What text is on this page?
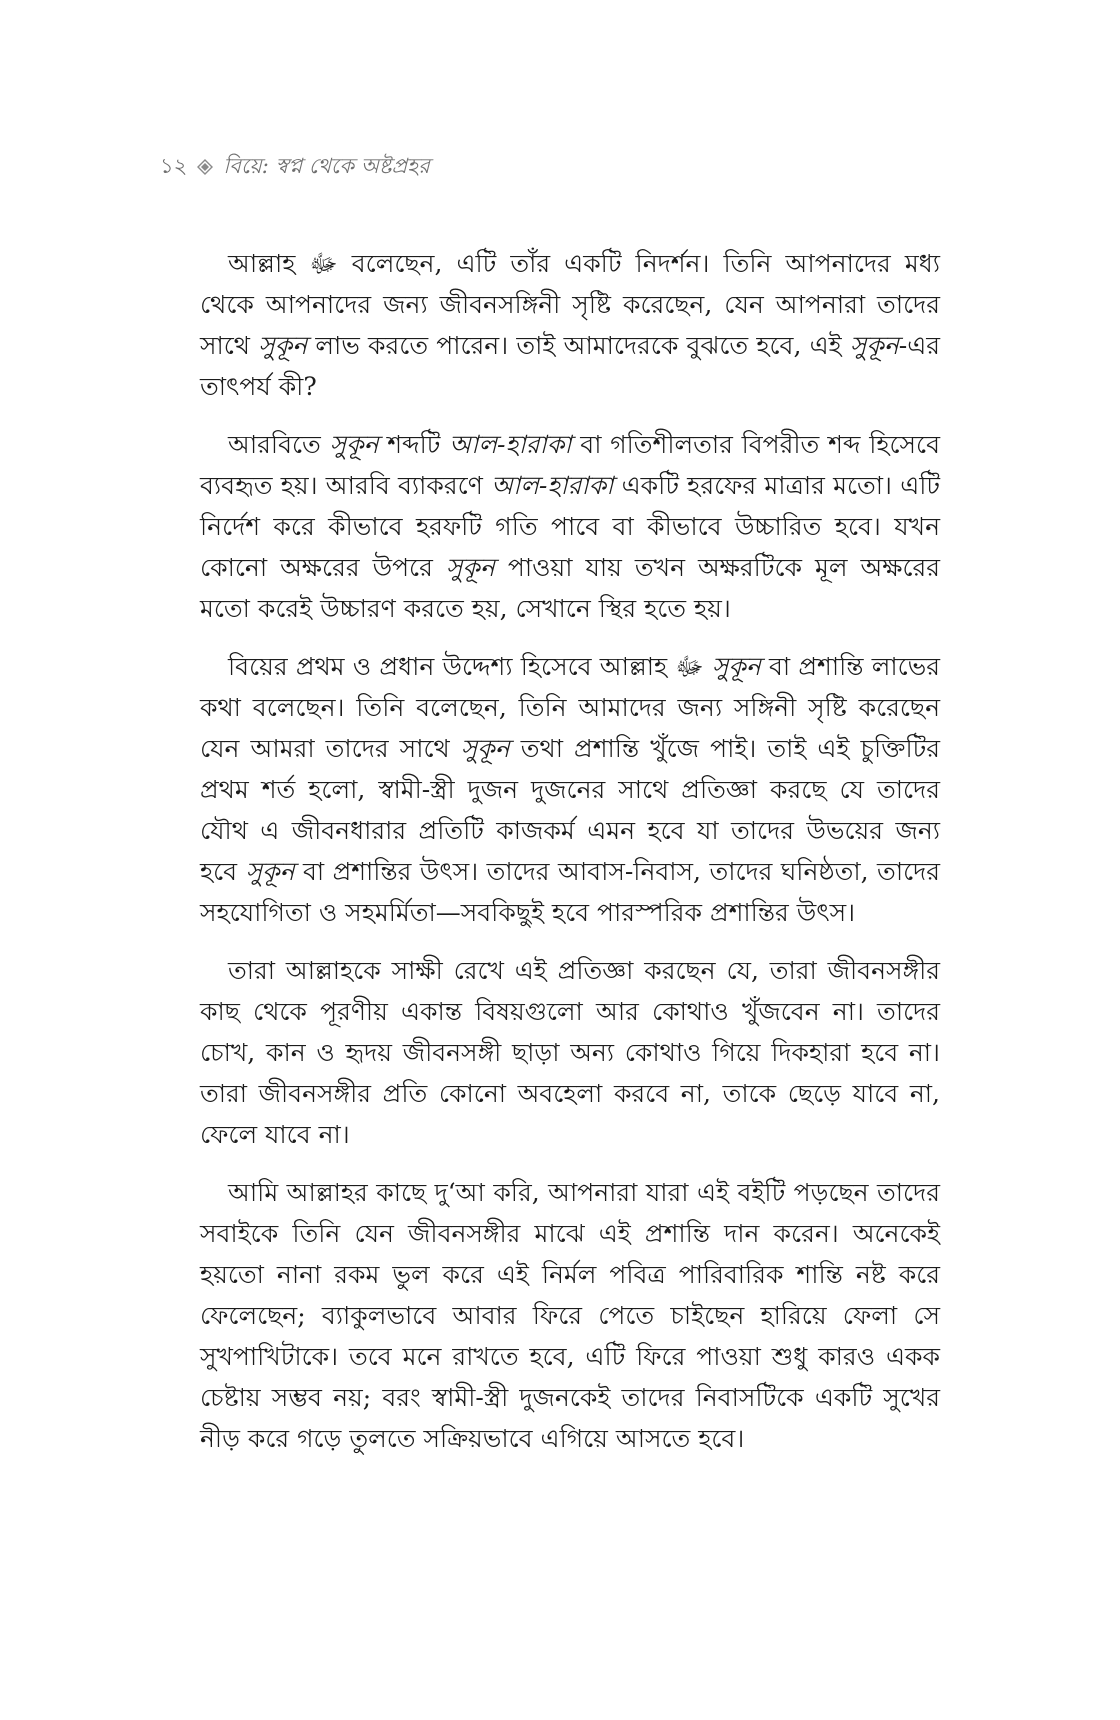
১২ বিয়ে: স্বপ্ন থেকে অষ্টপ্রহর

আল্লাহ ﷻ বলেছেন, এটি তাঁর একটি নিদর্শন। তিনি আপনাদের মধ্য থেকে আপনাদের জন্য জীবনসঙ্গিনী সৃষ্টি করেছেন, যেন আপনারা তাদের সাথে সুকূন লাভ করতে পারেন। তাই আমাদেরকে বুঝতে হবে, এই সুকূন-এর তাৎপর্য কী?

আরবিতে সুকূন শব্দটি আল-হারাকা বা গতিশীলতার বিপরীত শব্দ হিসেবে ব্যবহৃত হয়। আরবি ব্যাকরণে আল-হারাকা একটি হরফের মাত্রার মতো। এটি নির্দেশ করে কীভাবে হরফটি গতি পাবে বা কীভাবে উচ্চারিত হবে। যখন কোনো অক্ষরের উপরে সুকূন পাওয়া যায় তখন অক্ষরটিকে মূল অক্ষরের মতো করেই উচ্চারণ করতে হয়, সেখানে স্থির হতে হয়।

বিয়ের প্রথম ও প্রধান উদ্দেশ্য হিসেবে আল্লাহ ﷻ সুকূন বা প্রশান্তি লাভের কথা বলেছেন। তিনি বলেছেন, তিনি আমাদের জন্য সঙ্গিনী সৃষ্টি করেছেন যেন আমরা তাদের সাথে সুকূন তথা প্রশান্তি খুঁজে পাই। তাই এই চুক্তিটির প্রথম শর্ত হলো, স্বামী-স্ত্রী দুজন দুজনের সাথে প্রতিজ্ঞা করছে যে তাদের যৌথ এ জীবনধারার প্রতিটি কাজকর্ম এমন হবে যা তাদের উভয়ের জন্য হবে সুকূন বা প্রশান্তির উৎস। তাদের আবাস-নিবাস, তাদের ঘনিষ্ঠতা, তাদের সহযোগিতা ও সহমর্মিতা—সবকিছুই হবে পারস্পরিক প্রশান্তির উৎস।

তারা আল্লাহকে সাক্ষী রেখে এই প্রতিজ্ঞা করছেন যে, তারা জীবনসঙ্গীর কাছ থেকে পূরণীয় একান্ত বিষয়গুলো আর কোথাও খুঁজবেন না। তাদের চোখ, কান ও হৃদয় জীবনসঙ্গী ছাড়া অন্য কোথাও গিয়ে দিকহারা হবে না। তারা জীবনসঙ্গীর প্রতি কোনো অবহেলা করবে না, তাকে ছেড়ে যাবে না, ফেলে যাবে না।

আমি আল্লাহর কাছে দু‘আ করি, আপনারা যারা এই বইটি পড়ছেন তাদের সবাইকে তিনি যেন জীবনসঙ্গীর মাঝে এই প্রশান্তি দান করেন। অনেকেই হয়তো নানা রকম ভুল করে এই নির্মল পবিত্র পারিবারিক শান্তি নষ্ট করে ফেলেছেন; ব্যাকুলভাবে আবার ফিরে পেতে চাইছেন হারিয়ে ফেলা সে সুখপাখিটাকে। তবে মনে রাখতে হবে, এটি ফিরে পাওয়া শুধু কারও একক চেষ্টায় সম্ভব নয়; বরং স্বামী-স্ত্রী দুজনকেই তাদের নিবাসটিকে একটি সুখের নীড় করে গড়ে তুলতে সক্রিয়ভাবে এগিয়ে আসতে হবে।
